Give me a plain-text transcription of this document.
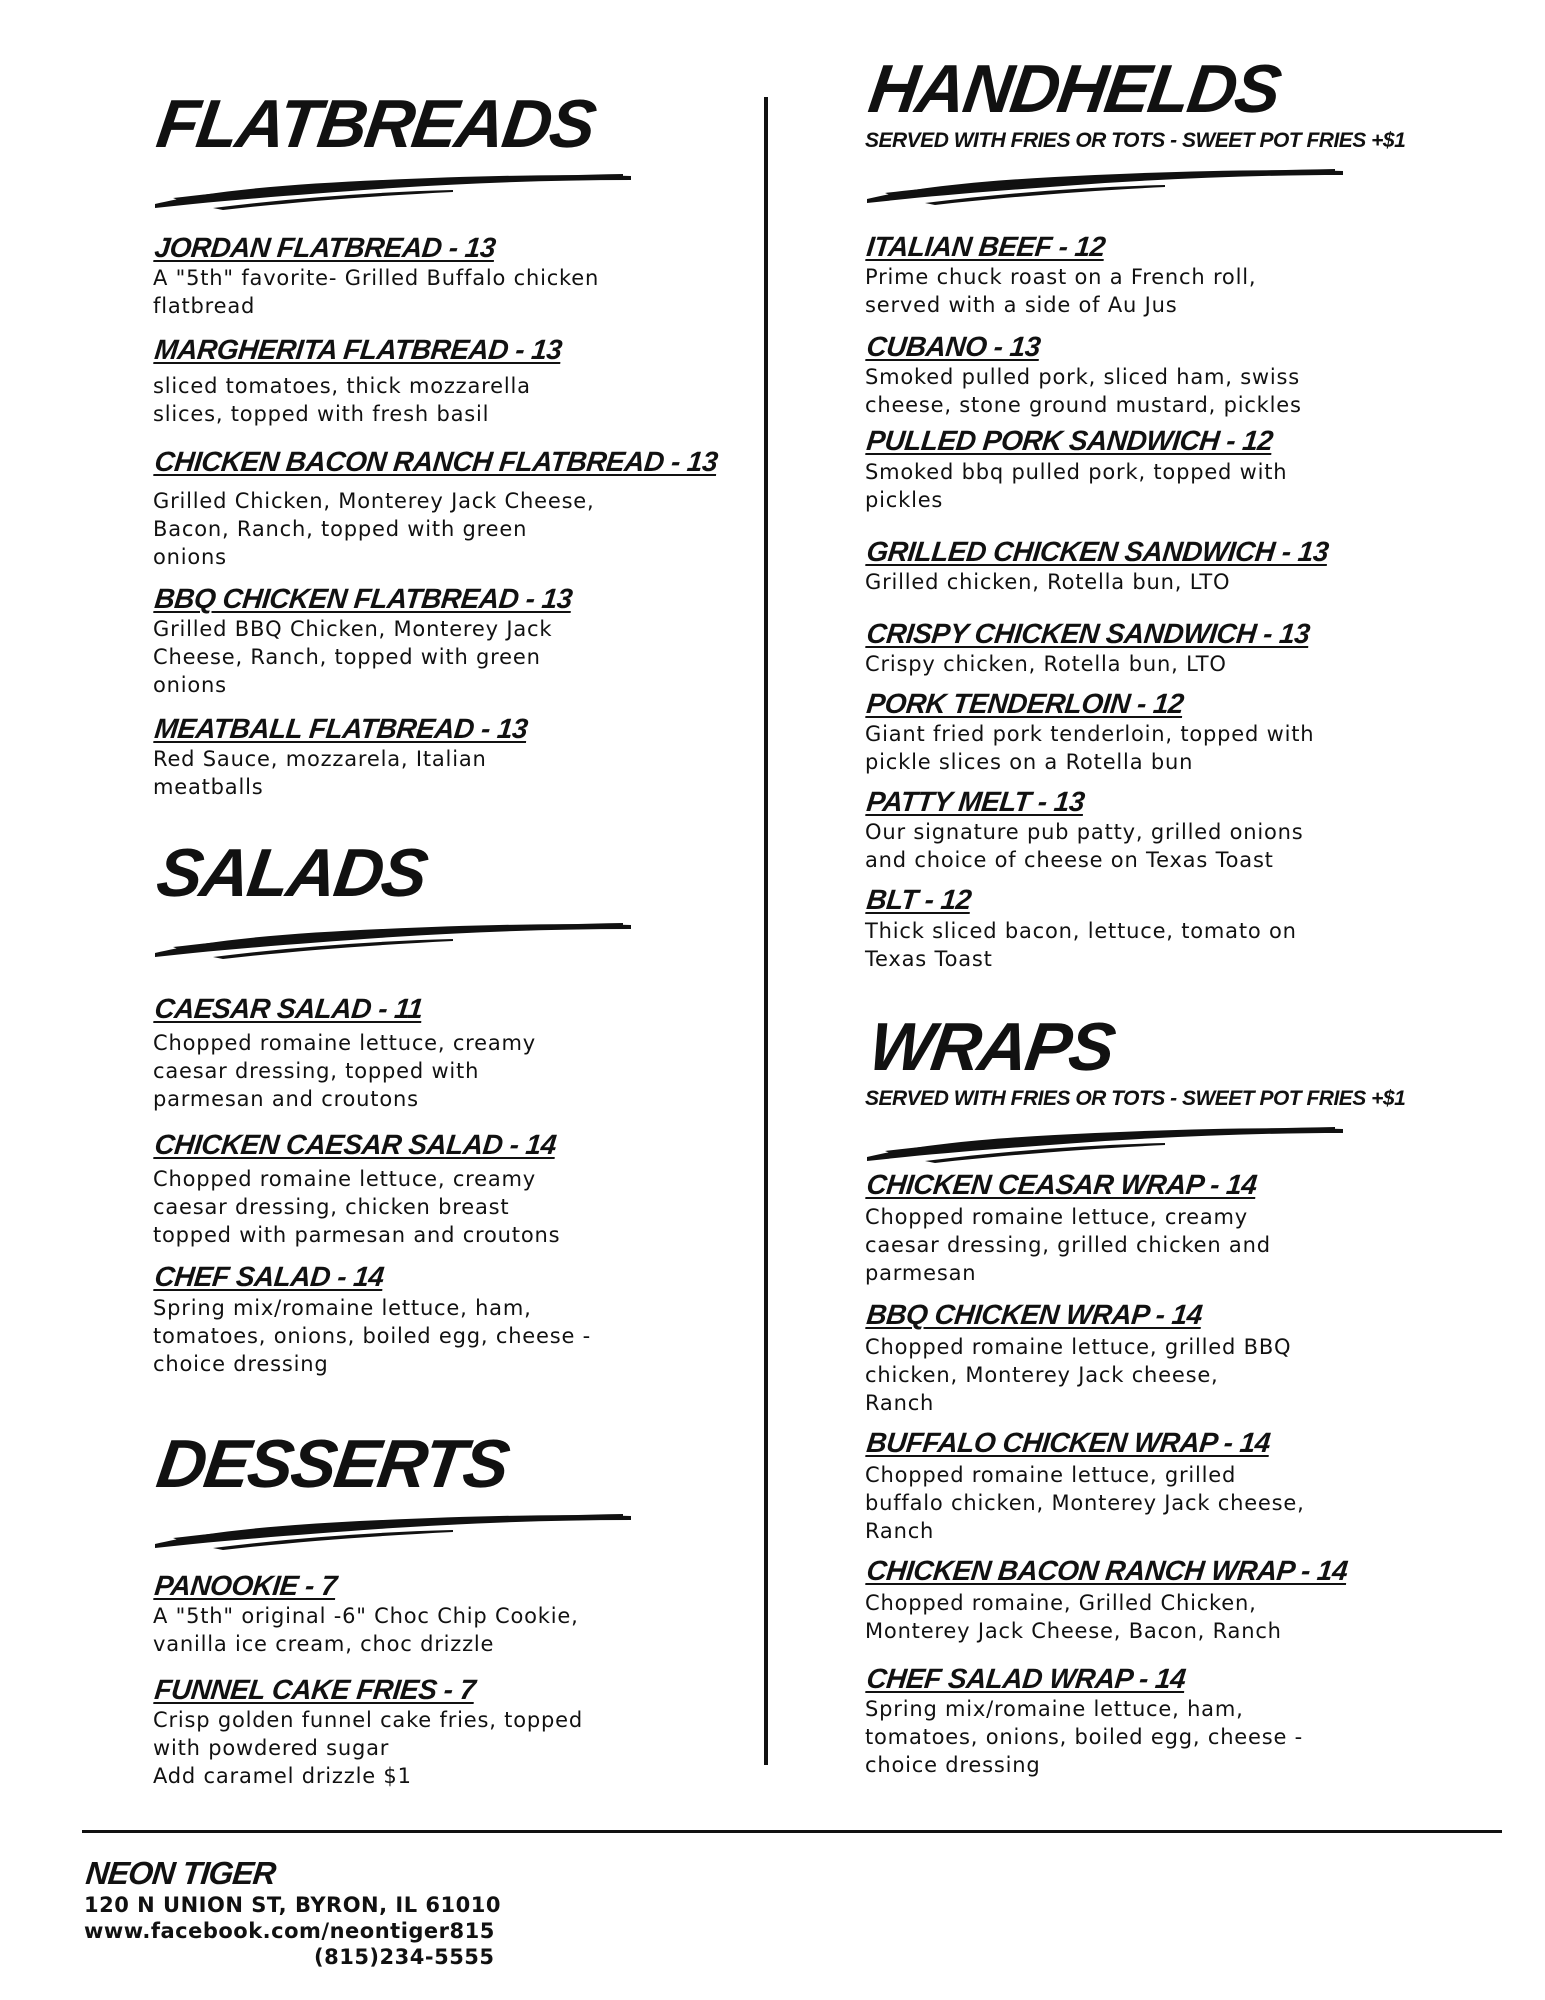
FLATBREADS
JORDAN FLATBREAD - 13
A "5th" favorite- Grilled Buffalo chicken
flatbread
MARGHERITA FLATBREAD - 13
sliced tomatoes, thick mozzarella
slices, topped with fresh basil
CHICKEN BACON RANCH FLATBREAD - 13
Grilled Chicken, Monterey Jack Cheese,
Bacon, Ranch, topped with green
onions
BBQ CHICKEN FLATBREAD - 13
Grilled BBQ Chicken, Monterey Jack
Cheese, Ranch, topped with green
onions
MEATBALL FLATBREAD - 13
Red Sauce, mozzarela, Italian
meatballs
SALADS
CAESAR SALAD - 11
Chopped romaine lettuce, creamy
caesar dressing, topped with
parmesan and croutons
CHICKEN CAESAR SALAD - 14
Chopped romaine lettuce, creamy
caesar dressing, chicken breast
topped with parmesan and croutons
CHEF SALAD - 14
Spring mix/romaine lettuce, ham,
tomatoes, onions, boiled egg, cheese -
choice dressing
DESSERTS
PANOOKIE - 7
A "5th" original -6" Choc Chip Cookie,
vanilla ice cream, choc drizzle
FUNNEL CAKE FRIES - 7
Crisp golden funnel cake fries, topped
with powdered sugar
Add caramel drizzle $1
HANDHELDS
SERVED WITH FRIES OR TOTS - SWEET POT FRIES +$1
ITALIAN BEEF - 12
Prime chuck roast on a French roll,
served with a side of Au Jus
CUBANO - 13
Smoked pulled pork, sliced ham, swiss
cheese, stone ground mustard, pickles
PULLED PORK SANDWICH - 12
Smoked bbq pulled pork, topped with
pickles
GRILLED CHICKEN SANDWICH - 13
Grilled chicken, Rotella bun, LTO
CRISPY CHICKEN SANDWICH - 13
Crispy chicken, Rotella bun, LTO
PORK TENDERLOIN - 12
Giant fried pork tenderloin, topped with
pickle slices on a Rotella bun
PATTY MELT - 13
Our signature pub patty, grilled onions
and choice of cheese on Texas Toast
BLT - 12
Thick sliced bacon, lettuce, tomato on
Texas Toast
WRAPS
SERVED WITH FRIES OR TOTS - SWEET POT FRIES +$1
CHICKEN CEASAR WRAP - 14
Chopped romaine lettuce, creamy
caesar dressing, grilled chicken and
parmesan
BBQ CHICKEN WRAP - 14
Chopped romaine lettuce, grilled BBQ
chicken, Monterey Jack cheese,
Ranch
BUFFALO CHICKEN WRAP - 14
Chopped romaine lettuce, grilled
buffalo chicken, Monterey Jack cheese,
Ranch
CHICKEN BACON RANCH WRAP - 14
Chopped romaine, Grilled Chicken,
Monterey Jack Cheese, Bacon, Ranch
CHEF SALAD WRAP - 14
Spring mix/romaine lettuce, ham,
tomatoes, onions, boiled egg, cheese -
choice dressing
NEON TIGER
120 N UNION ST, BYRON, IL 61010
www.facebook.com/neontiger815
(815)234-5555
